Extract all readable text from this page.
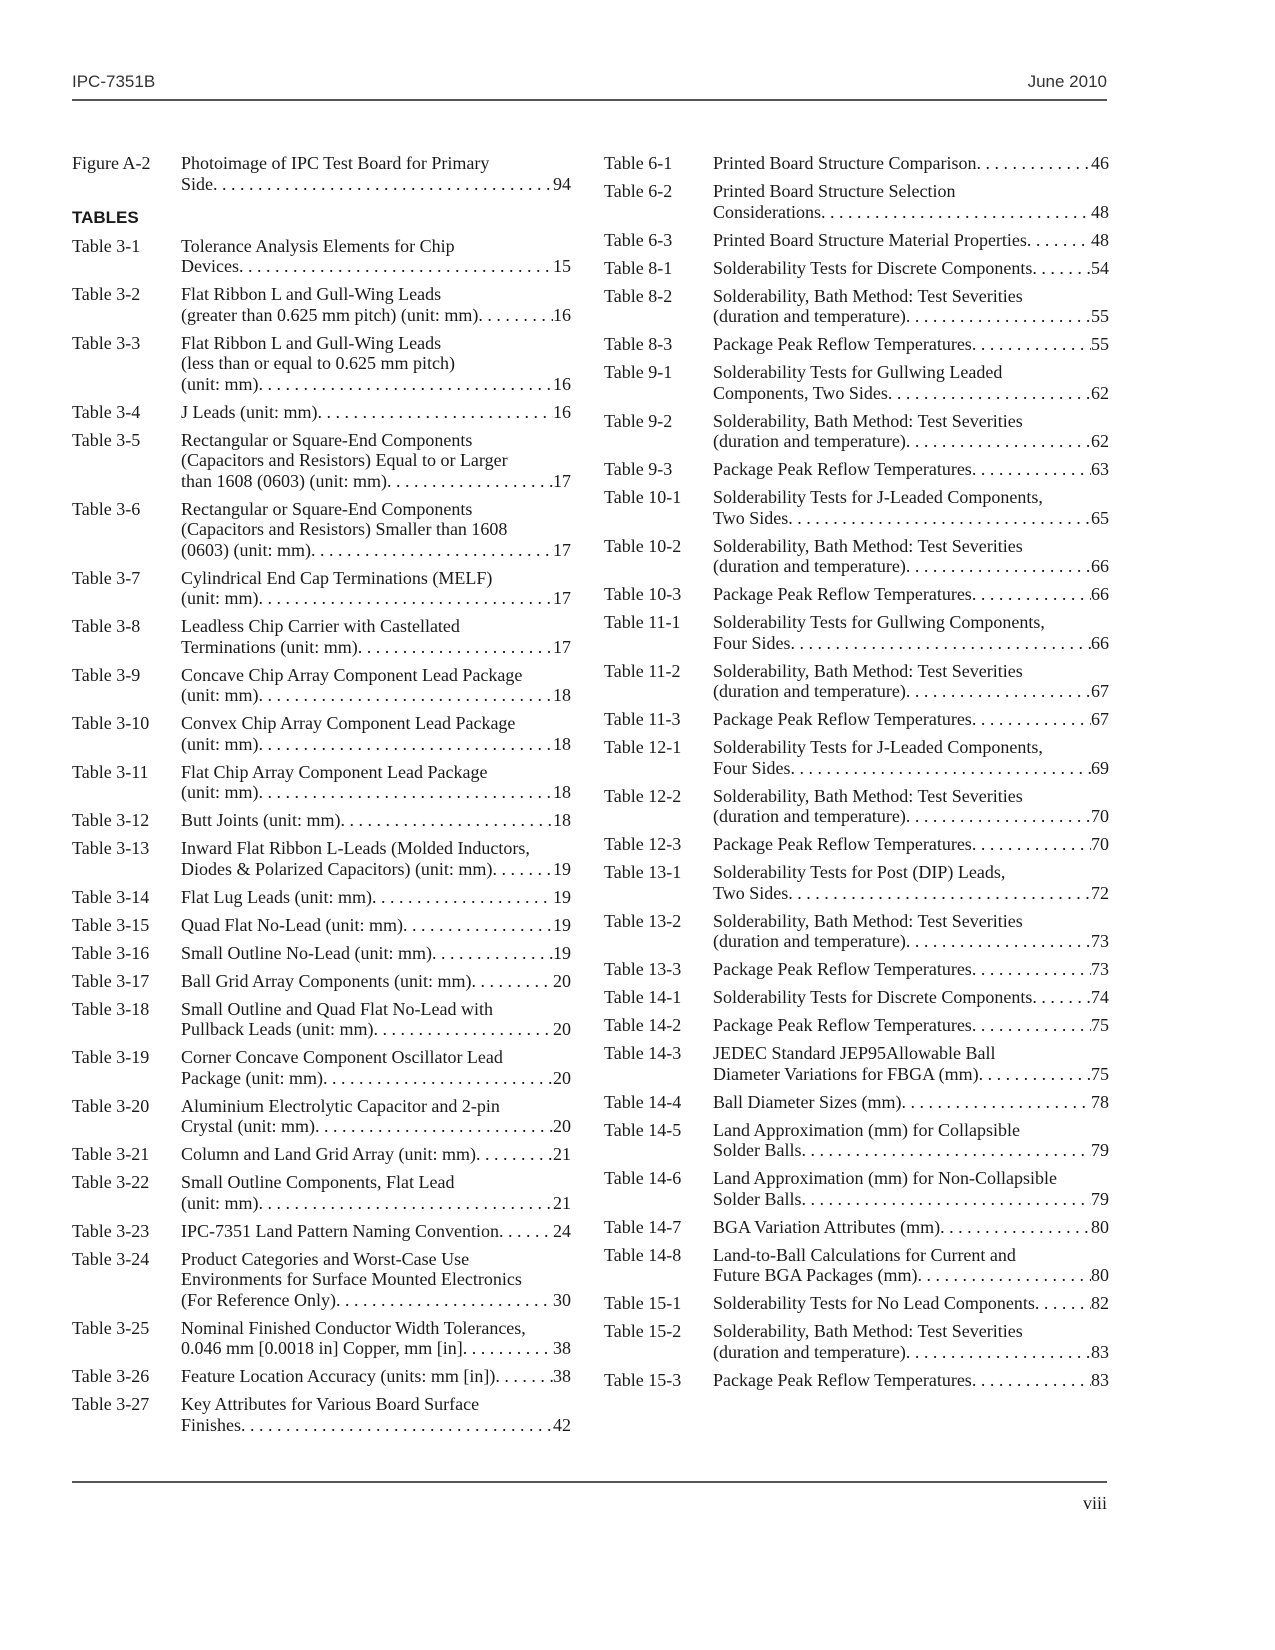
IPC-7351B	June 2010
Figure A-2	Photoimage of IPC Test Board for Primary
Side . . .	94
TABLES
Table 3-1	Tolerance Analysis Elements for Chip
Devices . . .	15
Table 3-2	Flat Ribbon L and Gull-Wing Leads
(greater than 0.625 mm pitch) (unit: mm) . . .	16
Table 3-3	Flat Ribbon L and Gull-Wing Leads
(less than or equal to 0.625 mm pitch)
(unit: mm) . . .	16
Table 3-4	J Leads (unit: mm) . . .	16
Table 3-5	Rectangular or Square-End Components
(Capacitors and Resistors) Equal to or Larger
than 1608 (0603) (unit: mm) . . .	17
Table 3-6	Rectangular or Square-End Components
(Capacitors and Resistors) Smaller than 1608
(0603) (unit: mm) . . .	17
Table 3-7	Cylindrical End Cap Terminations (MELF)
(unit: mm) . . .	17
Table 3-8	Leadless Chip Carrier with Castellated
Terminations (unit: mm) . . .	17
Table 3-9	Concave Chip Array Component Lead Package
(unit: mm) . . .	18
Table 3-10	Convex Chip Array Component Lead Package
(unit: mm) . . .	18
Table 3-11	Flat Chip Array Component Lead Package
(unit: mm) . . .	18
Table 3-12	Butt Joints (unit: mm) . . .	18
Table 3-13	Inward Flat Ribbon L-Leads (Molded Inductors,
Diodes & Polarized Capacitors) (unit: mm) . . .	19
Table 3-14	Flat Lug Leads (unit: mm) . . .	19
Table 3-15	Quad Flat No-Lead (unit: mm) . . .	19
Table 3-16	Small Outline No-Lead (unit: mm) . . .	19
Table 3-17	Ball Grid Array Components (unit: mm) . . .	20
Table 3-18	Small Outline and Quad Flat No-Lead with
Pullback Leads (unit: mm) . . .	20
Table 3-19	Corner Concave Component Oscillator Lead
Package (unit: mm) . . .	20
Table 3-20	Aluminium Electrolytic Capacitor and 2-pin
Crystal (unit: mm) . . .	20
Table 3-21	Column and Land Grid Array (unit: mm) . . .	21
Table 3-22	Small Outline Components, Flat Lead
(unit: mm) . . .	21
Table 3-23	IPC-7351 Land Pattern Naming Convention . . .	24
Table 3-24	Product Categories and Worst-Case Use
Environments for Surface Mounted Electronics
(For Reference Only) . . .	30
Table 3-25	Nominal Finished Conductor Width Tolerances,
0.046 mm [0.0018 in] Copper, mm [in] . . .	38
Table 3-26	Feature Location Accuracy (units: mm [in]) . . .	38
Table 3-27	Key Attributes for Various Board Surface
Finishes . . .	42
Table 6-1	Printed Board Structure Comparison . . .	46
Table 6-2	Printed Board Structure Selection
Considerations . . .	48
Table 6-3	Printed Board Structure Material Properties . . .	48
Table 8-1	Solderability Tests for Discrete Components . . .	54
Table 8-2	Solderability, Bath Method: Test Severities
(duration and temperature) . . .	55
Table 8-3	Package Peak Reflow Temperatures . . .	55
Table 9-1	Solderability Tests for Gullwing Leaded
Components, Two Sides . . .	62
Table 9-2	Solderability, Bath Method: Test Severities
(duration and temperature) . . .	62
Table 9-3	Package Peak Reflow Temperatures . . .	63
Table 10-1	Solderability Tests for J-Leaded Components,
Two Sides . . .	65
Table 10-2	Solderability, Bath Method: Test Severities
(duration and temperature) . . .	66
Table 10-3	Package Peak Reflow Temperatures . . .	66
Table 11-1	Solderability Tests for Gullwing Components,
Four Sides . . .	66
Table 11-2	Solderability, Bath Method: Test Severities
(duration and temperature) . . .	67
Table 11-3	Package Peak Reflow Temperatures . . .	67
Table 12-1	Solderability Tests for J-Leaded Components,
Four Sides . . .	69
Table 12-2	Solderability, Bath Method: Test Severities
(duration and temperature) . . .	70
Table 12-3	Package Peak Reflow Temperatures . . .	70
Table 13-1	Solderability Tests for Post (DIP) Leads,
Two Sides . . .	72
Table 13-2	Solderability, Bath Method: Test Severities
(duration and temperature) . . .	73
Table 13-3	Package Peak Reflow Temperatures . . .	73
Table 14-1	Solderability Tests for Discrete Components . . .	74
Table 14-2	Package Peak Reflow Temperatures . . .	75
Table 14-3	JEDEC Standard JEP95Allowable Ball
Diameter Variations for FBGA (mm) . . .	75
Table 14-4	Ball Diameter Sizes (mm) . . .	78
Table 14-5	Land Approximation (mm) for Collapsible
Solder Balls . . .	79
Table 14-6	Land Approximation (mm) for Non-Collapsible
Solder Balls . . .	79
Table 14-7	BGA Variation Attributes (mm) . . .	80
Table 14-8	Land-to-Ball Calculations for Current and
Future BGA Packages (mm) . . .	80
Table 15-1	Solderability Tests for No Lead Components . . .	82
Table 15-2	Solderability, Bath Method: Test Severities
(duration and temperature) . . .	83
Table 15-3	Package Peak Reflow Temperatures . . .	83
viii
